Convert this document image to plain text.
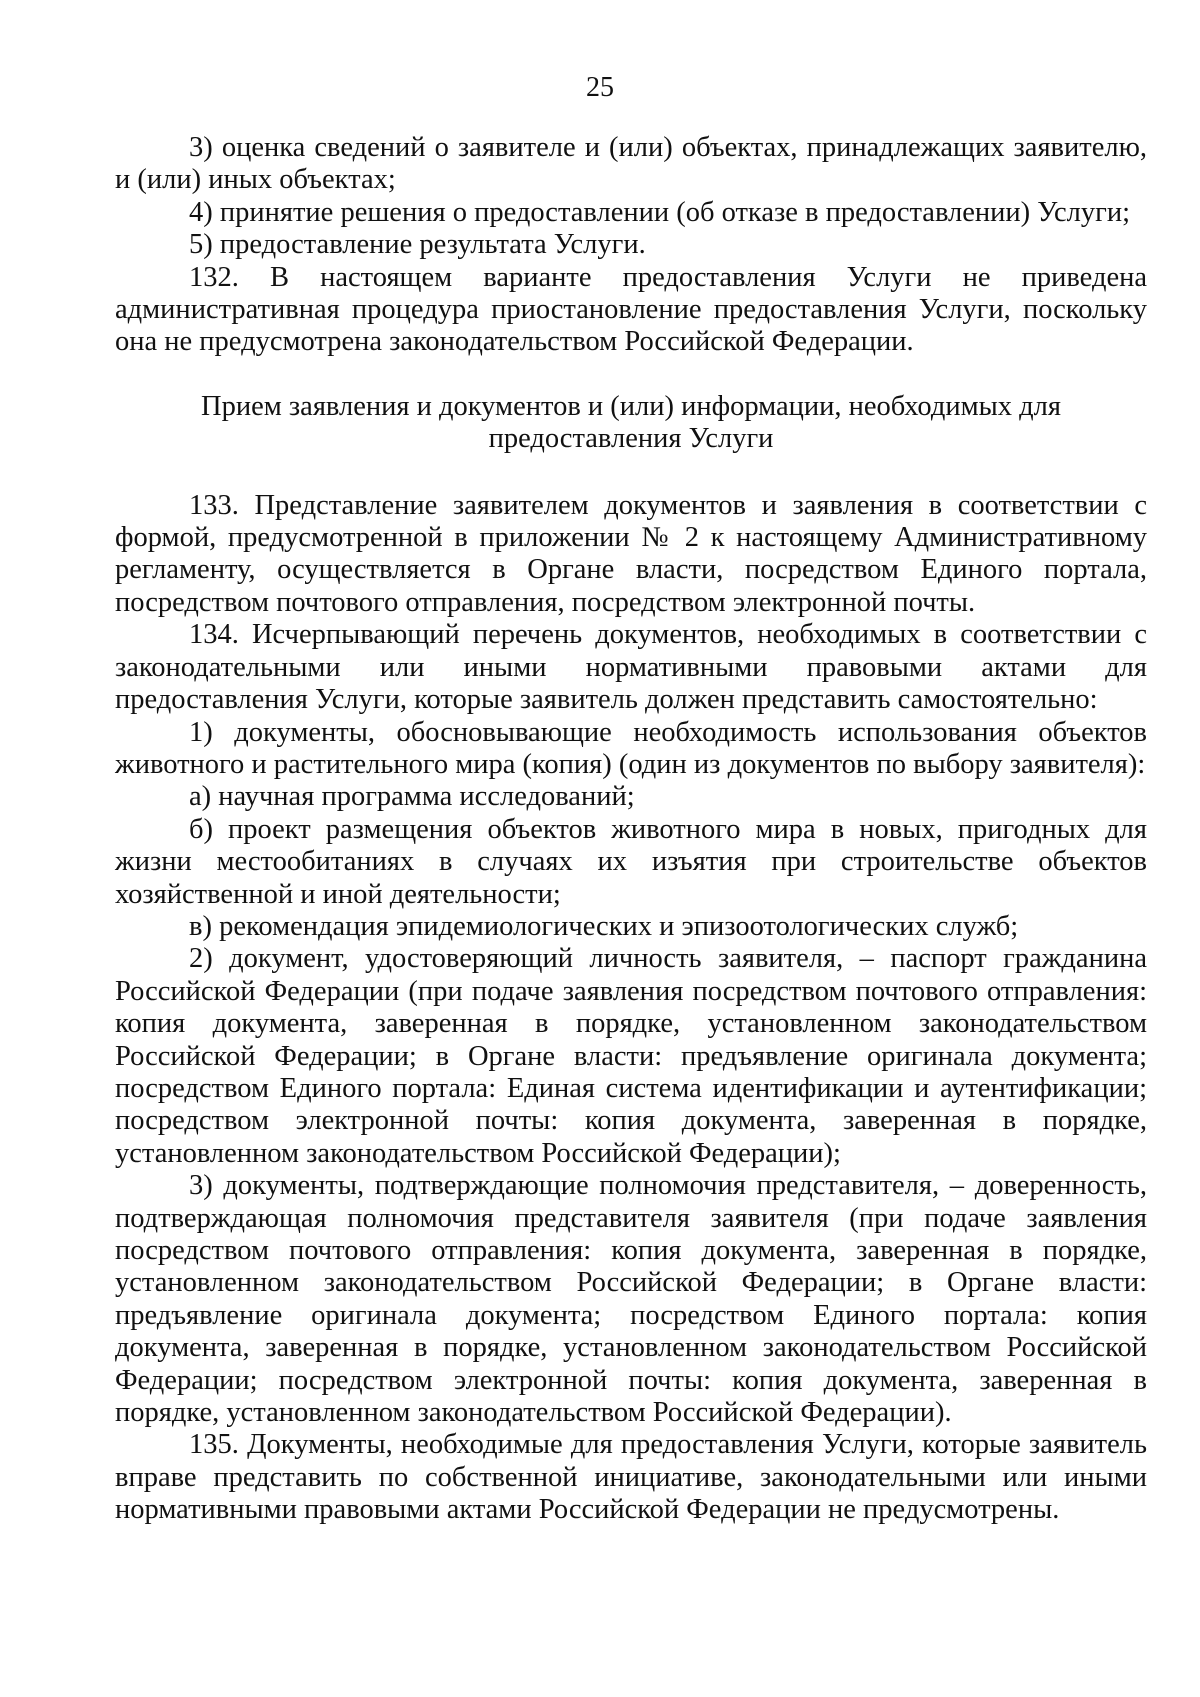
25

3) оценка сведений о заявителе и (или) объектах, принадлежащих заявителю, и (или) иных объектах;

4) принятие решения о предоставлении (об отказе в предоставлении) Услуги;

5) предоставление результата Услуги.

132. В настоящем варианте предоставления Услуги не приведена административная процедура приостановление предоставления Услуги, поскольку она не предусмотрена законодательством Российской Федерации.

Прием заявления и документов и (или) информации, необходимых для предоставления Услуги

133. Представление заявителем документов и заявления в соответствии с формой, предусмотренной в приложении № 2 к настоящему Административному регламенту, осуществляется в Органе власти, посредством Единого портала, посредством почтового отправления, посредством электронной почты.

134. Исчерпывающий перечень документов, необходимых в соответствии с законодательными или иными нормативными правовыми актами для предоставления Услуги, которые заявитель должен представить самостоятельно:

1) документы, обосновывающие необходимость использования объектов животного и растительного мира (копия) (один из документов по выбору заявителя):

а) научная программа исследований;

б) проект размещения объектов животного мира в новых, пригодных для жизни местообитаниях в случаях их изъятия при строительстве объектов хозяйственной и иной деятельности;

в) рекомендация эпидемиологических и эпизоотологических служб;

2) документ, удостоверяющий личность заявителя, – паспорт гражданина Российской Федерации (при подаче заявления посредством почтового отправления: копия документа, заверенная в порядке, установленном законодательством Российской Федерации; в Органе власти: предъявление оригинала документа; посредством Единого портала: Единая система идентификации и аутентификации; посредством электронной почты: копия документа, заверенная в порядке, установленном законодательством Российской Федерации);

3) документы, подтверждающие полномочия представителя, – доверенность, подтверждающая полномочия представителя заявителя (при подаче заявления посредством почтового отправления: копия документа, заверенная в порядке, установленном законодательством Российской Федерации; в Органе власти: предъявление оригинала документа; посредством Единого портала: копия документа, заверенная в порядке, установленном законодательством Российской Федерации; посредством электронной почты: копия документа, заверенная в порядке, установленном законодательством Российской Федерации).

135. Документы, необходимые для предоставления Услуги, которые заявитель вправе представить по собственной инициативе, законодательными или иными нормативными правовыми актами Российской Федерации не предусмотрены.
